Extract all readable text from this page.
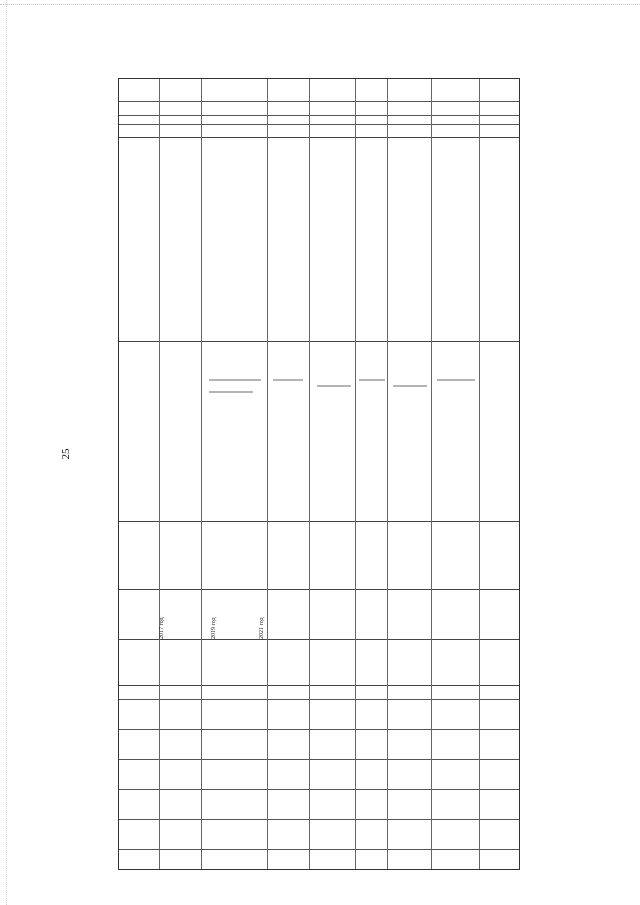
25
2017 год	2019 год	2021 год
